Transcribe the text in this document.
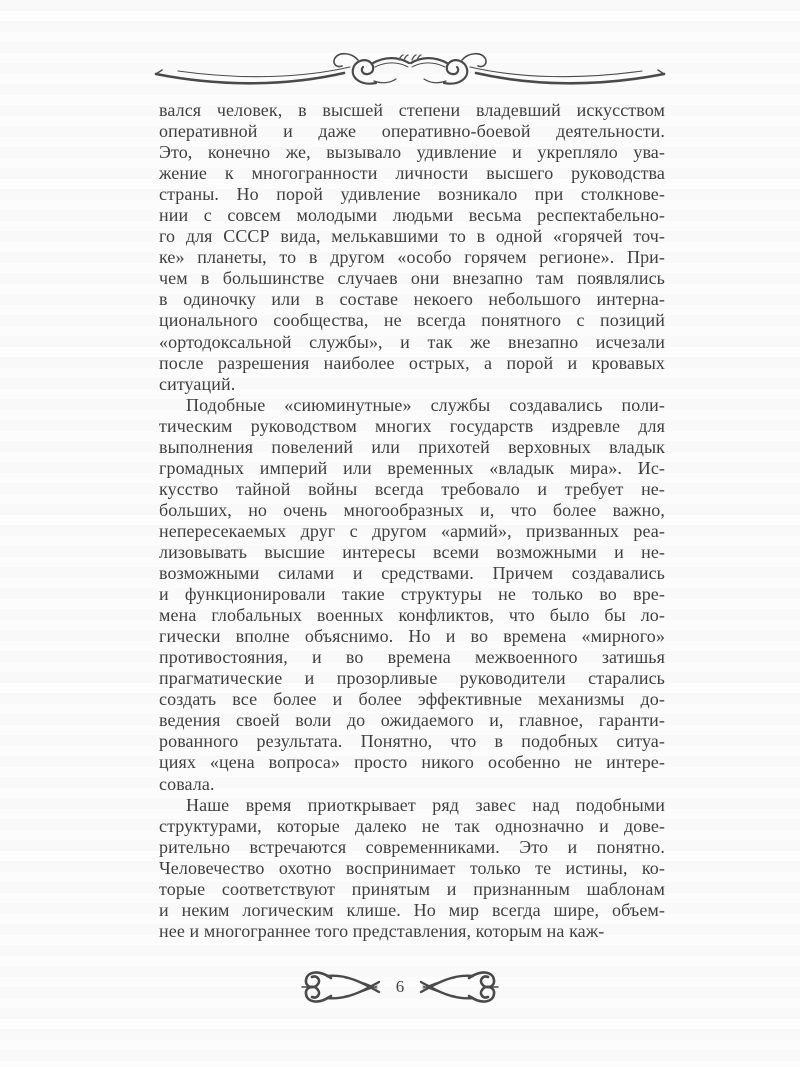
вался человек, в высшей степени владевший искусством
оперативной и даже оперативно-боевой деятельности.
Это, конечно же, вызывало удивление и укрепляло ува-
жение к многогранности личности высшего руководства
страны. Но порой удивление возникало при столкнове-
нии с совсем молодыми людьми весьма респектабельно-
го для СССР вида, мелькавшими то в одной «горячей точ-
ке» планеты, то в другом «особо горячем регионе». При-
чем в большинстве случаев они внезапно там появлялись
в одиночку или в составе некоего небольшого интерна-
ционального сообщества, не всегда понятного с позиций
«ортодоксальной службы», и так же внезапно исчезали
после разрешения наиболее острых, а порой и кровавых
ситуаций.
Подобные «сиюминутные» службы создавались поли-
тическим руководством многих государств издревле для
выполнения повелений или прихотей верховных владык
громадных империй или временных «владык мира». Ис-
кусство тайной войны всегда требовало и требует не-
больших, но очень многообразных и, что более важно,
непересекаемых друг с другом «армий», призванных реа-
лизовывать высшие интересы всеми возможными и не-
возможными силами и средствами. Причем создавались
и функционировали такие структуры не только во вре-
мена глобальных военных конфликтов, что было бы ло-
гически вполне объяснимо. Но и во времена «мирного»
противостояния, и во времена межвоенного затишья
прагматические и прозорливые руководители старались
создать все более и более эффективные механизмы до-
ведения своей воли до ожидаемого и, главное, гаранти-
рованного результата. Понятно, что в подобных ситуа-
циях «цена вопроса» просто никого особенно не интере-
совала.
Наше время приоткрывает ряд завес над подобными
структурами, которые далеко не так однозначно и дове-
рительно встречаются современниками. Это и понятно.
Человечество охотно воспринимает только те истины, ко-
торые соответствуют принятым и признанным шаблонам
и неким логическим клише. Но мир всегда шире, объем-
нее и многограннее того представления, которым на каж-
6
